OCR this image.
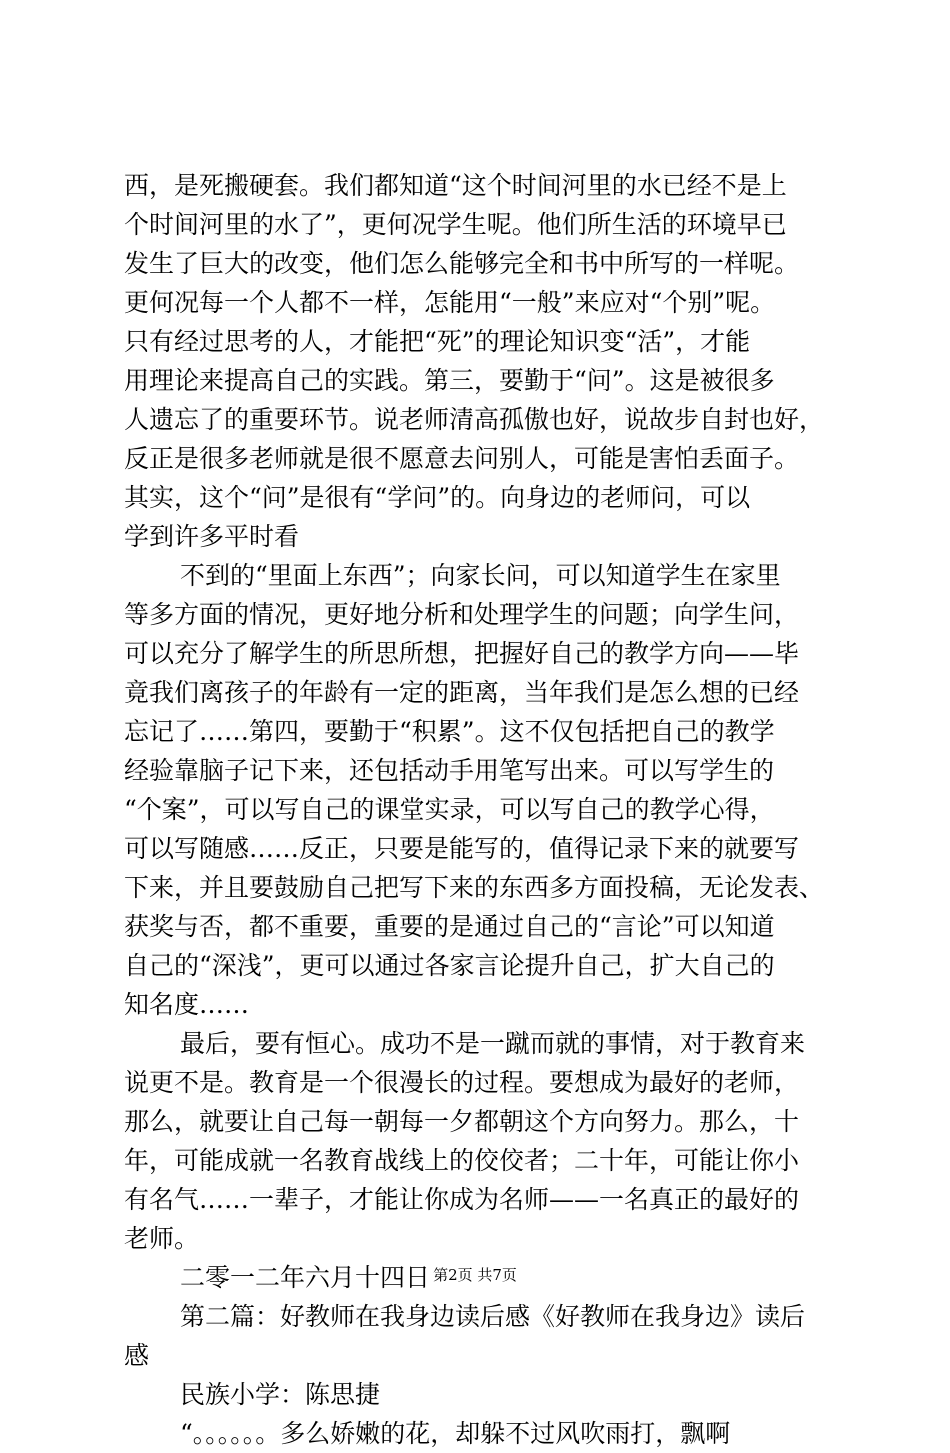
西，是死搬硬套。我们都知道“这个时间河里的水已经不是上
个时间河里的水了”，更何况学生呢。他们所生活的环境早已
发生了巨大的改变，他们怎么能够完全和书中所写的一样呢。
更何况每一个人都不一样，怎能用“一般”来应对“个别”呢。
只有经过思考的人，才能把“死”的理论知识变“活”，才能
用理论来提高自己的实践。第三，要勤于“问”。这是被很多
人遗忘了的重要环节。说老师清高孤傲也好，说故步自封也好，
反正是很多老师就是很不愿意去问别人，可能是害怕丢面子。
其实，这个“问”是很有“学问”的。向身边的老师问，可以
学到许多平时看
不到的“里面上东西”；向家长问，可以知道学生在家里
等多方面的情况，更好地分析和处理学生的问题；向学生问，
可以充分了解学生的所思所想，把握好自己的教学方向——毕
竟我们离孩子的年龄有一定的距离，当年我们是怎么想的已经
忘记了……第四，要勤于“积累”。这不仅包括把自己的教学
经验靠脑子记下来，还包括动手用笔写出来。可以写学生的
“个案”，可以写自己的课堂实录，可以写自己的教学心得，
可以写随感……反正，只要是能写的，值得记录下来的就要写
下来，并且要鼓励自己把写下来的东西多方面投稿，无论发表、
获奖与否，都不重要，重要的是通过自己的“言论”可以知道
自己的“深浅”，更可以通过各家言论提升自己，扩大自己的
知名度……
最后，要有恒心。成功不是一蹴而就的事情，对于教育来
说更不是。教育是一个很漫长的过程。要想成为最好的老师，
那么，就要让自己每一朝每一夕都朝这个方向努力。那么，十
年，可能成就一名教育战线上的佼佼者；二十年，可能让你小
有名气……一辈子，才能让你成为名师——一名真正的最好的
老师。
二零一二年六月十四日
第二篇：好教师在我身边读后感《好教师在我身边》读后
感
民族小学：陈思捷
“。。。。。。多么娇嫩的花，却躲不过风吹雨打，飘啊
第2页 共7页
